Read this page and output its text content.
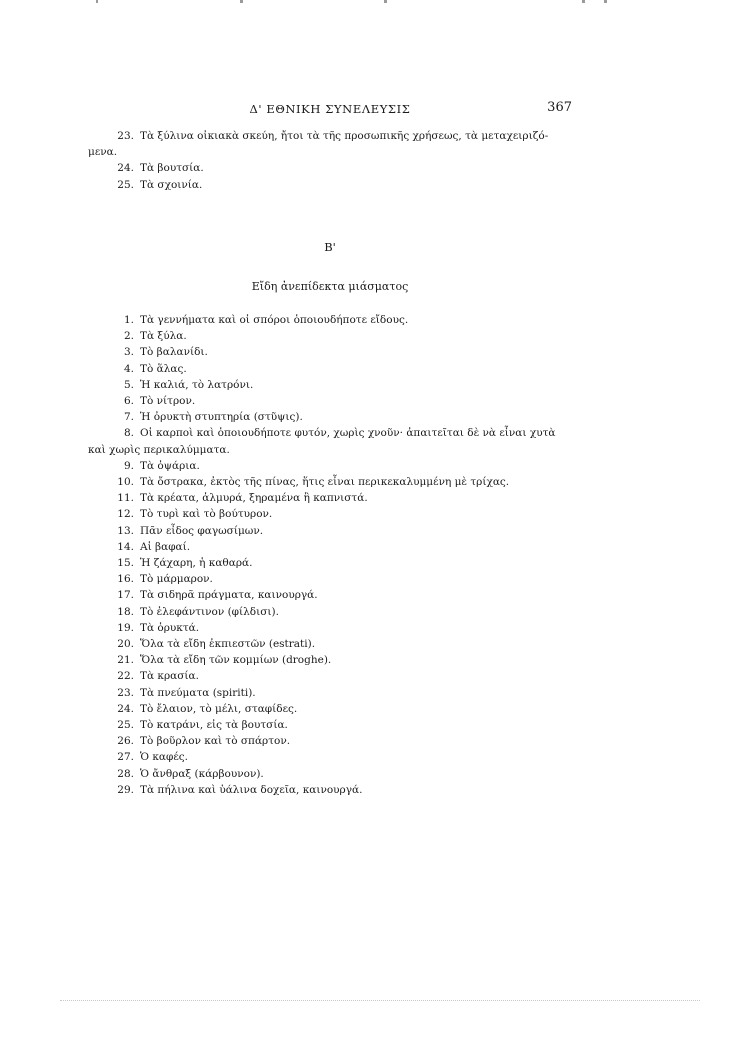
Δ' ΕΘΝΙΚΗ ΣΥΝΕΛΕΥΣΙΣ	367
23. Τὰ ξύλινα οἰκιακὰ σκεύη, ἤτοι τὰ τῆς προσωπικῆς χρήσεως, τὰ μεταχειριζό-
μενα.
24. Τὰ βουτσία.
25. Τὰ σχοινία.
Β'
Εἴδη ἀνεπίδεκτα μιάσματος
1. Τὰ γεννήματα καὶ οἱ σπόροι ὁποιουδήποτε εἴδους.
2. Τὰ ξύλα.
3. Τὸ βαλανίδι.
4. Τὸ ἅλας.
5. Ἡ καλιά, τὸ λατρόνι.
6. Τὸ νίτρον.
7. Ἡ ὀρυκτὴ στυπτηρία (στῦψις).
8. Οἱ καρποὶ καὶ ὁποιουδήποτε φυτόν, χωρὶς χνοῦν· ἀπαιτεῖται δὲ νὰ εἶναι χυτὰ
καὶ χωρὶς περικαλύμματα.
9. Τὰ ὀψάρια.
10. Τὰ ὄστρακα, ἐκτὸς τῆς πίνας, ἥτις εἶναι περικεκαλυμμένη μὲ τρίχας.
11. Τὰ κρέατα, ἁλμυρά, ξηραμένα ἢ καπνιστά.
12. Τὸ τυρὶ καὶ τὸ βούτυρον.
13. Πᾶν εἶδος φαγωσίμων.
14. Αἱ βαφαί.
15. Ἡ ζάχαρη, ἡ καθαρά.
16. Τὸ μάρμαρον.
17. Τὰ σιδηρᾶ πράγματα, καινουργά.
18. Τὸ ἐλεφάντινον (φίλδισι).
19. Τὰ ὀρυκτά.
20. Ὅλα τὰ εἴδη ἐκπιεστῶν (estrati).
21. Ὅλα τὰ εἴδη τῶν κομμίων (droghe).
22. Τὰ κρασία.
23. Τὰ πνεύματα (spiriti).
24. Τὸ ἔλαιον, τὸ μέλι, σταφίδες.
25. Τὸ κατράνι, εἰς τὰ βουτσία.
26. Τὸ βοῦρλον καὶ τὸ σπάρτον.
27. Ὁ καφές.
28. Ὁ ἄνθραξ (κάρβουνον).
29. Τὰ πήλινα καὶ ὑάλινα δοχεῖα, καινουργά.
